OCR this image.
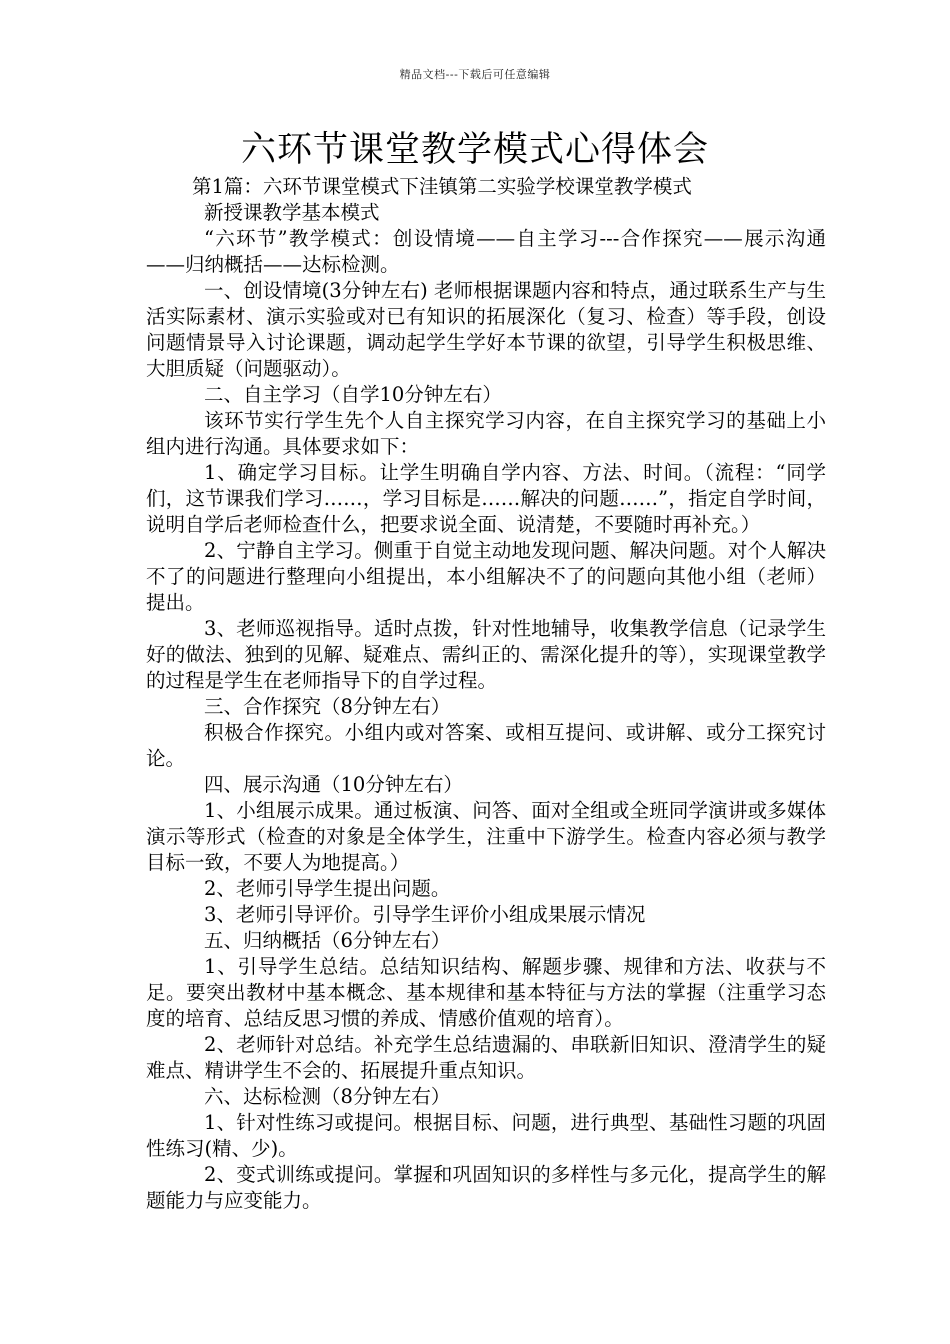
精品文档---下载后可任意编辑
六环节课堂教学模式心得体会

第1篇：六环节课堂模式下洼镇第二实验学校课堂教学模式

新授课教学基本模式

“六环节”教学模式：创设情境——自主学习---合作探究——展示沟通——归纳概括——达标检测。

一、创设情境(3分钟左右) 老师根据课题内容和特点，通过联系生产与生活实际素材、演示实验或对已有知识的拓展深化（复习、检查）等手段，创设问题情景导入讨论课题，调动起学生学好本节课的欲望，引导学生积极思维、大胆质疑（问题驱动）。

二、自主学习（自学10分钟左右）

该环节实行学生先个人自主探究学习内容，在自主探究学习的基础上小组内进行沟通。具体要求如下：

1、确定学习目标。让学生明确自学内容、方法、时间。（流程：“同学们，这节课我们学习……，学习目标是……解决的问题……”，指定自学时间，说明自学后老师检查什么，把要求说全面、说清楚，不要随时再补充。）

2、宁静自主学习。侧重于自觉主动地发现问题、解决问题。对个人解决不了的问题进行整理向小组提出，本小组解决不了的问题向其他小组（老师）提出。

3、老师巡视指导。适时点拨，针对性地辅导，收集教学信息（记录学生好的做法、独到的见解、疑难点、需纠正的、需深化提升的等），实现课堂教学的过程是学生在老师指导下的自学过程。

三、合作探究（8分钟左右）

积极合作探究。小组内或对答案、或相互提问、或讲解、或分工探究讨论。

四、展示沟通（10分钟左右）

1、小组展示成果。通过板演、问答、面对全组或全班同学演讲或多媒体演示等形式（检查的对象是全体学生，注重中下游学生。检查内容必须与教学目标一致，不要人为地提高。）

2、老师引导学生提出问题。

3、老师引导评价。引导学生评价小组成果展示情况

五、归纳概括（6分钟左右）

1、引导学生总结。总结知识结构、解题步骤、规律和方法、收获与不足。要突出教材中基本概念、基本规律和基本特征与方法的掌握（注重学习态度的培育、总结反思习惯的养成、情感价值观的培育）。

2、老师针对总结。补充学生总结遗漏的、串联新旧知识、澄清学生的疑难点、精讲学生不会的、拓展提升重点知识。

六、达标检测（8分钟左右）

1、针对性练习或提问。根据目标、问题，进行典型、基础性习题的巩固性练习(精、少)。

2、变式训练或提问。掌握和巩固知识的多样性与多元化，提高学生的解题能力与应变能力。
